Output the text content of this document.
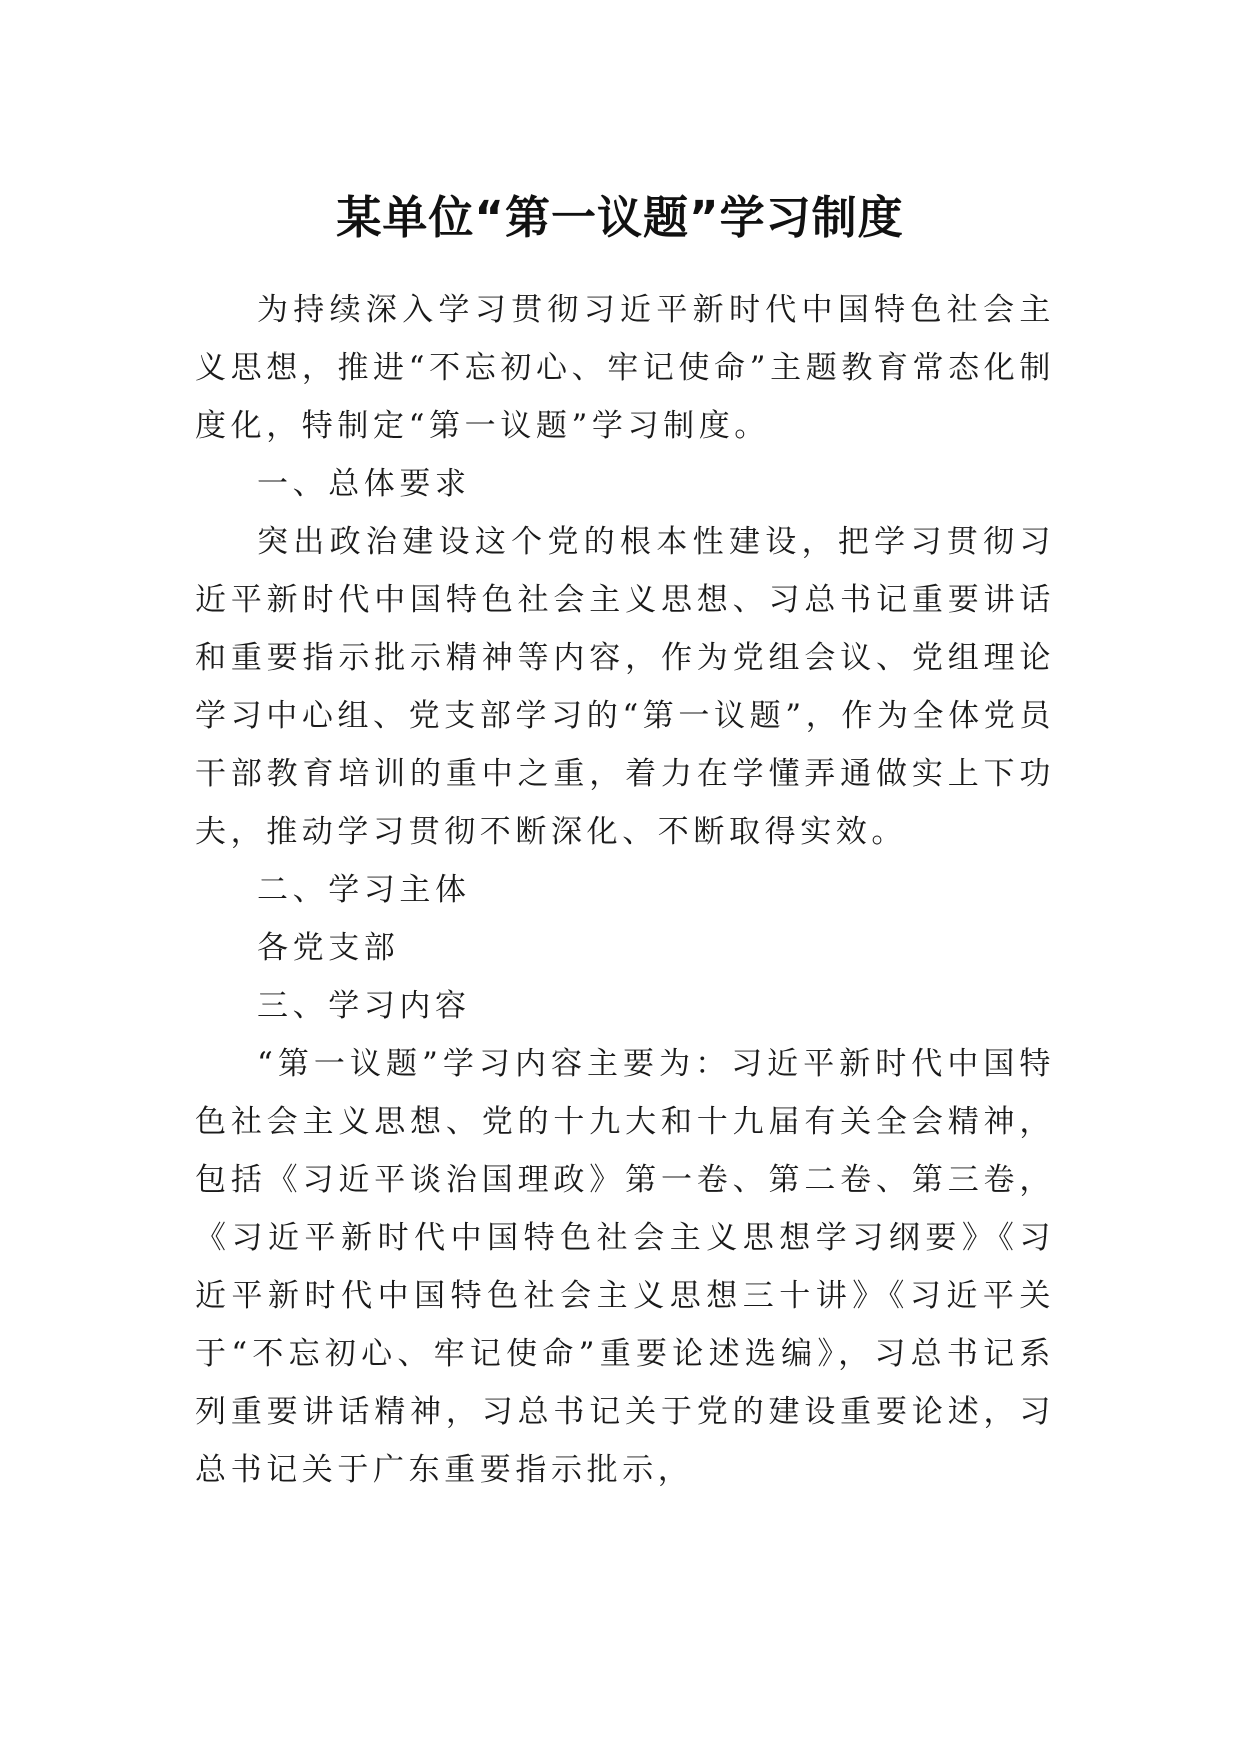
某单位“第一议题”学习制度

为持续深入学习贯彻习近平新时代中国特色社会主义思想，推进“不忘初心、牢记使命”主题教育常态化制度化，特制定“第一议题”学习制度。

一、总体要求

突出政治建设这个党的根本性建设，把学习贯彻习近平新时代中国特色社会主义思想、习总书记重要讲话和重要指示批示精神等内容，作为党组会议、党组理论学习中心组、党支部学习的“第一议题”，作为全体党员干部教育培训的重中之重，着力在学懂弄通做实上下功夫，推动学习贯彻不断深化、不断取得实效。

二、学习主体

各党支部

三、学习内容

“第一议题”学习内容主要为：习近平新时代中国特色社会主义思想、党的十九大和十九届有关全会精神，包括《习近平谈治国理政》第一卷、第二卷、第三卷，《习近平新时代中国特色社会主义思想学习纲要》《习近平新时代中国特色社会主义思想三十讲》《习近平关于“不忘初心、牢记使命”重要论述选编》，习总书记系列重要讲话精神，习总书记关于党的建设重要论述，习总书记关于广东重要指示批示，
